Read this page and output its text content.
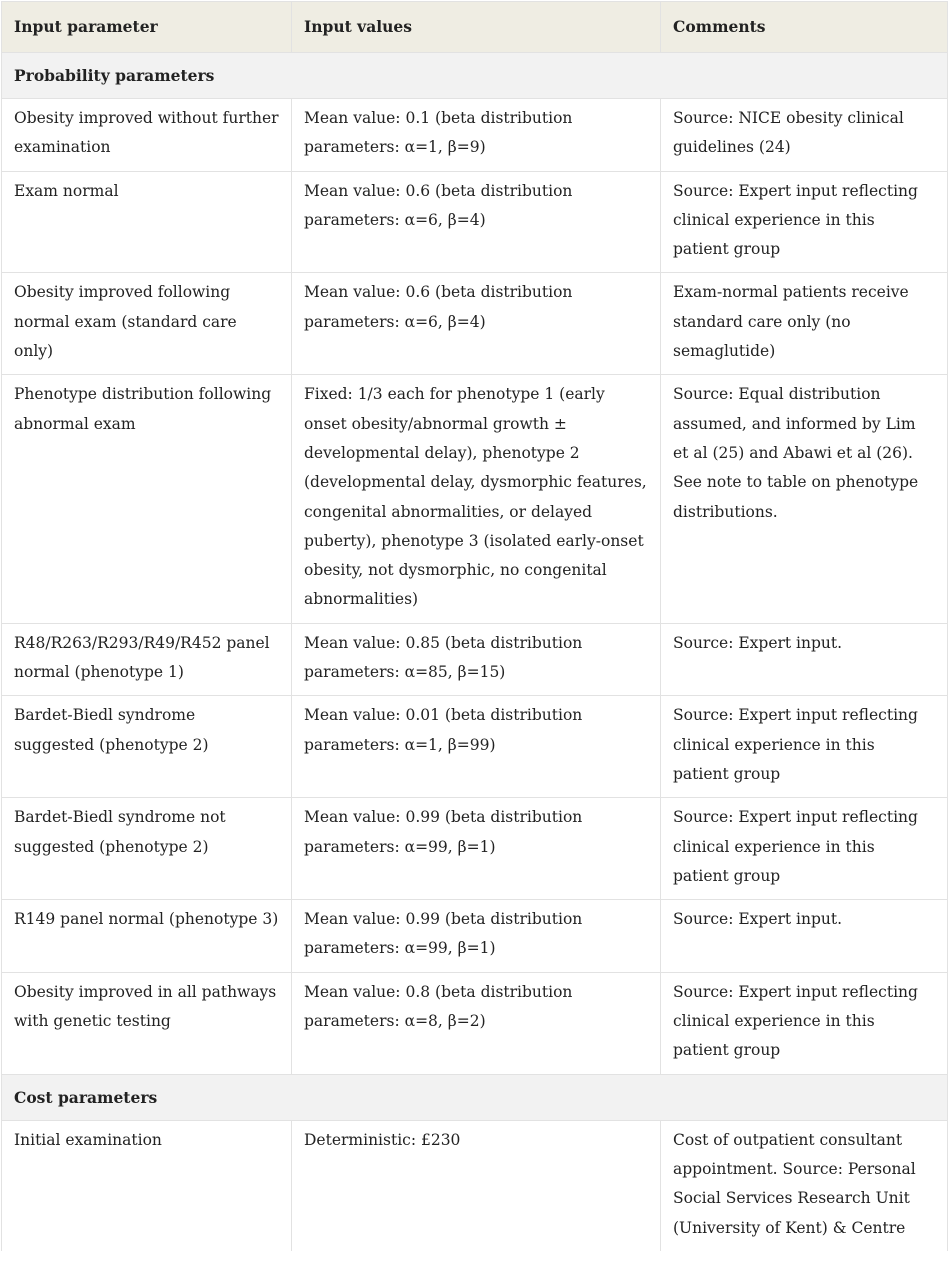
Input parameter	Input values	Comments
Probability parameters		
Obesity improved without further examination	Mean value: 0.1 (beta distribution parameters: α=1, β=9)	Source: NICE obesity clinical guidelines (24)
Exam normal	Mean value: 0.6 (beta distribution parameters: α=6, β=4)	Source: Expert input reflecting clinical experience in this patient group
Obesity improved following normal exam (standard care only)	Mean value: 0.6 (beta distribution parameters: α=6, β=4)	Exam-normal patients receive standard care only (no semaglutide)
Phenotype distribution following abnormal exam	Fixed: 1/3 each for phenotype 1 (early onset obesity/abnormal growth ± developmental delay), phenotype 2 (developmental delay, dysmorphic features, congenital abnormalities, or delayed puberty), phenotype 3 (isolated early-onset obesity, not dysmorphic, no congenital abnormalities)	Source: Equal distribution assumed, and informed by Lim et al (25) and Abawi et al (26). See note to table on phenotype distributions.
R48/R263/R293/R49/R452 panel normal (phenotype 1)	Mean value: 0.85 (beta distribution parameters: α=85, β=15)	Source: Expert input.
Bardet-Biedl syndrome suggested (phenotype 2)	Mean value: 0.01 (beta distribution parameters: α=1, β=99)	Source: Expert input reflecting clinical experience in this patient group
Bardet-Biedl syndrome not suggested (phenotype 2)	Mean value: 0.99 (beta distribution parameters: α=99, β=1)	Source: Expert input reflecting clinical experience in this patient group
R149 panel normal (phenotype 3)	Mean value: 0.99 (beta distribution parameters: α=99, β=1)	Source: Expert input.
Obesity improved in all pathways with genetic testing	Mean value: 0.8 (beta distribution parameters: α=8, β=2)	Source: Expert input reflecting clinical experience in this patient group
Cost parameters		
Initial examination	Deterministic: £230	Cost of outpatient consultant appointment. Source: Personal Social Services Research Unit (University of Kent) & Centre
